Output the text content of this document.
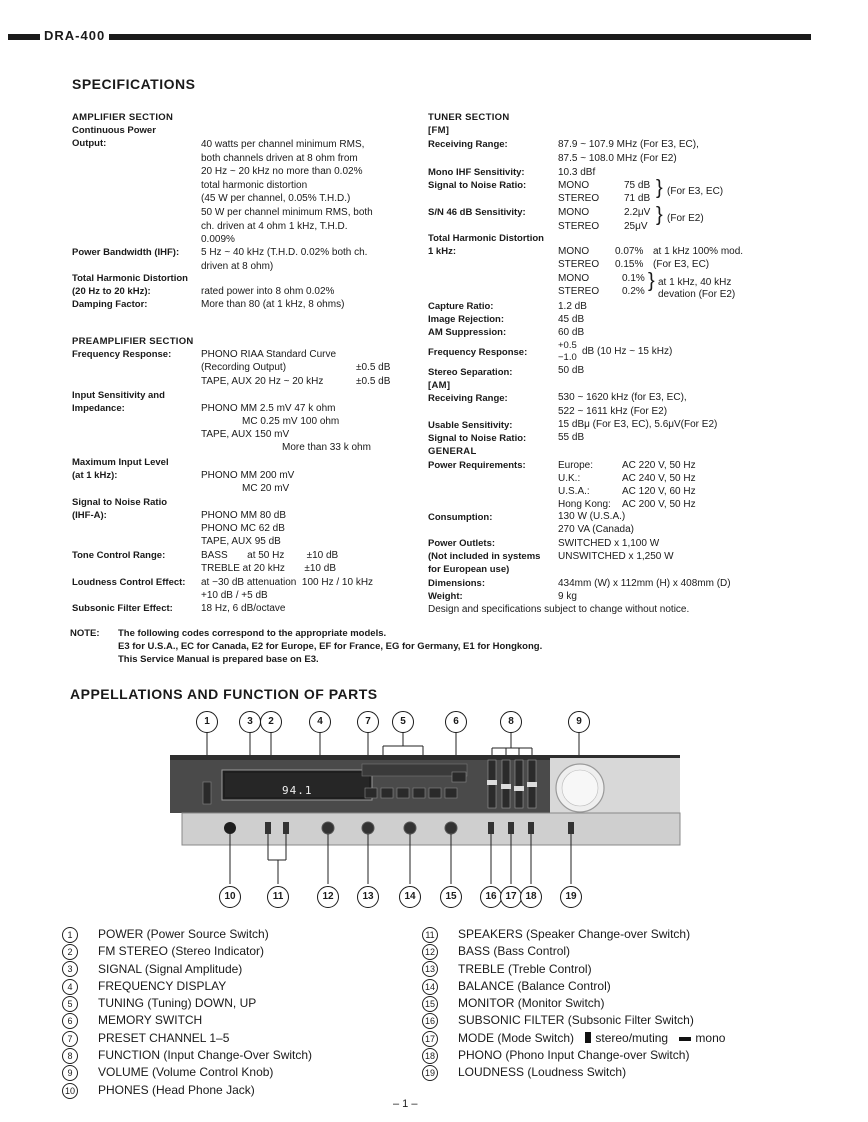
DRA-400
SPECIFICATIONS
AMPLIFIER SECTION
Continuous Power
Output:	40 watts per channel minimum RMS,
both channels driven at 8 ohm from
20 Hz ~ 20 kHz no more than 0.02%
total harmonic distortion
(45 W per channel, 0.05% T.H.D.)
50 W per channel minimum RMS, both
ch. driven at 4 ohm 1 kHz, T.H.D.
0.009%
Power Bandwidth (IHF): 5 Hz ~ 40 kHz (T.H.D. 0.02% both ch.
driven at 8 ohm)
Total Harmonic Distortion
(20 Hz to 20 kHz):	rated power into 8 ohm 0.02%
Damping Factor:	More than 80 (at 1 kHz, 8 ohms)
PREAMPLIFIER SECTION
Frequency Response:	PHONO RIAA Standard Curve
(Recording Output)	±0.5 dB
TAPE, AUX 20 Hz ~ 20 kHz	±0.5 dB
Input Sensitivity and
Impedance:	PHONO MM 2.5 mV 47 k ohm
MC 0.25 mV 100 ohm
TAPE, AUX 150 mV
More than 33 k ohm
Maximum Input Level
(at 1 kHz):	PHONO MM 200 mV
MC 20 mV
Signal to Noise Ratio
(IHF-A):	PHONO MM 80 dB
PHONO MC 62 dB
TAPE, AUX 95 dB
Tone Control Range:	BASS       at 50 Hz        ±10 dB
TREBLE at 20 kHz       ±10 dB
Loudness Control Effect: at −30 dB attenuation  100 Hz / 10 kHz
+10 dB / +5 dB
Subsonic Filter Effect:	18 Hz, 6 dB/octave
TUNER SECTION
[FM]
Receiving Range:	87.9 ~ 107.9 MHz (For E3, EC),
87.5 ~ 108.0 MHz (For E2)
Mono IHF Sensitivity:	10.3 dBf
Signal to Noise Ratio:	MONO	75 dB
STEREO 71 dB } (For E3, EC)
S/N 46 dB Sensitivity:	MONO	2.2μV
STEREO 25μV
} (For E2)
Total Harmonic Distortion
1 kHz:	MONO	0.07% at 1 kHz 100% mod.
STEREO 0.15% (For E3, EC)
MONO	0.1%
STEREO 0.2% } at 1 kHz, 40 kHz
devation (For E2)
Capture Ratio:	1.2 dB
Image Rejection:	45 dB
AM Suppression:	60 dB
Frequency Response:
+0.5
−1.0
dB (10 Hz ~ 15 kHz)
Stereo Separation:	50 dB
[AM]
Receiving Range:	530 ~ 1620 kHz (for E3, EC),
522 ~ 1611 kHz (For E2)
Usable Sensitivity:	15 dBμ (For E3, EC), 5.6μV(For E2)
Signal to Noise Ratio:	55 dB
GENERAL
Power Requirements:	Europe:	AC 220 V, 50 Hz
U.K.:	AC 240 V, 50 Hz
U.S.A.:	AC 120 V, 60 Hz
Hong Kong: AC 200 V, 50 Hz
Consumption:	130 W (U.S.A.)
270 VA (Canada)
Power Outlets:
(Not included in systems
for European use)
SWITCHED x 1,100 W
UNSWITCHED x 1,250 W
Dimensions:	434mm (W) x 112mm (H) x 408mm (D)
Weight:	9 kg
Design and specifications subject to change without notice.
NOTE: The following codes correspond to the appropriate models.
E3 for U.S.A., EC for Canada, E2 for Europe, EF for France, EG for Germany, E1 for Hongkong.
This Service Manual is prepared base on E3.
APPELLATIONS AND FUNCTION OF PARTS
94.1
1	3	2	4	7	5	6	8	9
10	11	12	13	14	15	16 17 18	19
1 POWER (Power Source Switch)
2 FM STEREO (Stereo Indicator)
3 SIGNAL (Signal Amplitude)
4 FREQUENCY DISPLAY
5 TUNING (Tuning) DOWN, UP
6 MEMORY SWITCH
7 PRESET CHANNEL 1–5
8 FUNCTION (Input Change-Over Switch)
9 VOLUME (Volume Control Knob)
10 PHONES (Head Phone Jack)
11 SPEAKERS (Speaker Change-over Switch)
12 BASS (Bass Control)
13 TREBLE (Treble Control)
14 BALANCE (Balance Control)
15 MONITOR (Monitor Switch)
16 SUBSONIC FILTER (Subsonic Filter Switch)
17 MODE (Mode Switch) stereo/muting mono
18 PHONO (Phono Input Change-over Switch)
19 LOUDNESS (Loudness Switch)
– 1 –
